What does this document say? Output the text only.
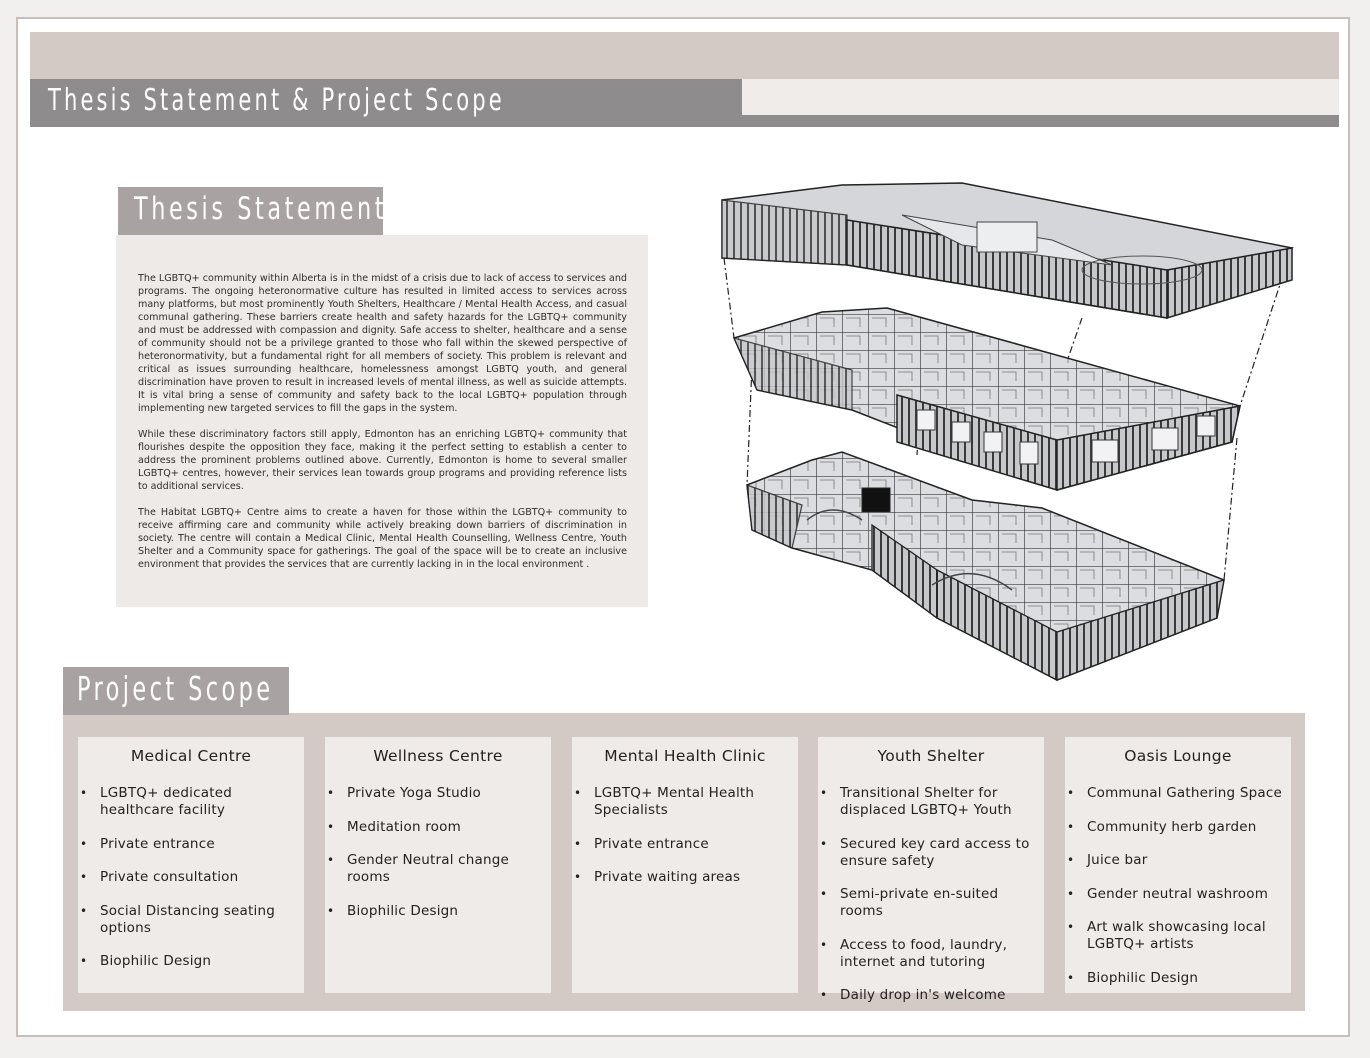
Thesis Statement & Project Scope
Thesis Statement

The LGBTQ+ community within Alberta is in the midst of a crisis due to lack of access to services and programs. The ongoing heteronormative culture has resulted in limited access to services across many platforms, but most prominently Youth Shelters, Healthcare / Mental Health Access, and casual communal gathering. These barriers create health and safety hazards for the LGBTQ+ community and must be addressed with compassion and dignity. Safe access to shelter, healthcare and a sense of community should not be a privilege granted to those who fall within the skewed perspective of heteronormativity, but a fundamental right for all members of society. This problem is relevant and critical as issues surrounding healthcare, homelessness amongst LGBTQ youth, and general discrimination have proven to result in increased levels of mental illness, as well as suicide attempts. It is vital bring a sense of community and safety back to the local LGBTQ+ population through implementing new targeted services to fill the gaps in the system.

While these discriminatory factors still apply, Edmonton has an enriching LGBTQ+ community that flourishes despite the opposition they face, making it the perfect setting to establish a center to address the prominent problems outlined above. Currently, Edmonton is home to several smaller LGBTQ+ centres, however, their services lean towards group programs and providing reference lists to additional services.

The Habitat LGBTQ+ Centre aims to create a haven for those within the LGBTQ+ community to receive affirming care and community while actively breaking down barriers of discrimination in society. The centre will contain a Medical Clinic, Mental Health Counselling, Wellness Centre, Youth Shelter and a Community space for gatherings. The goal of the space will be to create an inclusive environment that provides the services that are currently lacking in in the local environment .

Project Scope
Medical Centre
• LGBTQ+ dedicated healthcare facility
• Private entrance
• Private consultation
• Social Distancing seating options
• Biophilic Design
Wellness Centre
• Private Yoga Studio
• Meditation room
• Gender Neutral change rooms
• Biophilic Design
Mental Health Clinic
• LGBTQ+ Mental Health Specialists
• Private entrance
• Private waiting areas
Youth Shelter
• Transitional Shelter for displaced LGBTQ+ Youth
• Secured key card access to ensure safety
• Semi-private en-suited rooms
• Access to food, laundry, internet and tutoring
• Daily drop in's welcome
Oasis Lounge
• Communal Gathering Space
• Community herb garden
• Juice bar
• Gender neutral washroom
• Art walk showcasing local LGBTQ+ artists
• Biophilic Design
